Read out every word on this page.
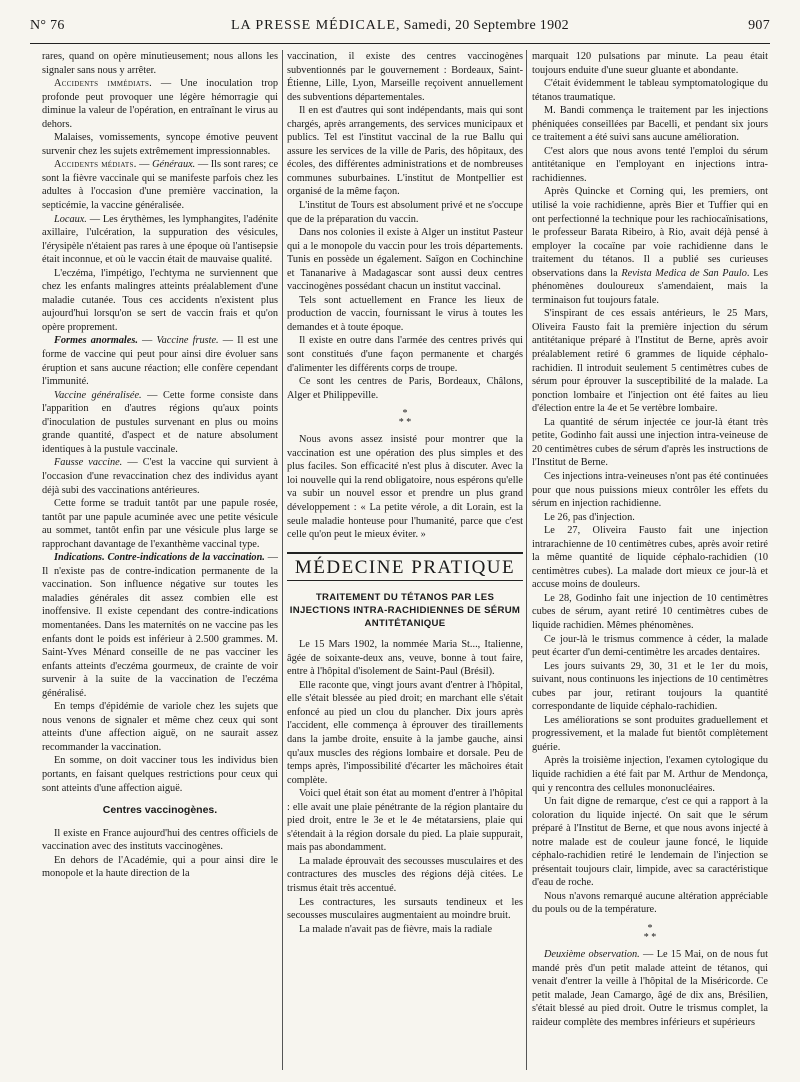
N° 76	LA PRESSE MÉDICALE, Samedi, 20 Septembre 1902	907

rares, quand on opère minutieusement; nous allons les signaler sans nous y arrêter.

Accidents immédiats. — Une inoculation trop profonde peut provoquer une légère hémorragie qui diminue la valeur de l'opération, en entraînant le virus au dehors.

Malaises, vomissements, syncope émotive peuvent survenir chez les sujets extrêmement impressionnables.

Accidents médiats. — Généraux. — Ils sont rares; ce sont la fièvre vaccinale qui se manifeste parfois chez les adultes à l'occasion d'une première vaccination, la septicémie, la vaccine généralisée.

Locaux. — Les érythèmes, les lymphangites, l'adénite axillaire, l'ulcération, la suppuration des vésicules, l'érysipèle n'étaient pas rares à une époque où l'antisepsie était inconnue, et où le vaccin était de mauvaise qualité.

L'eczéma, l'impétigo, l'echtyma ne surviennent que chez les enfants malingres atteints préalablement d'une maladie cutanée. Tous ces accidents n'existent plus aujourd'hui lorsqu'on se sert de vaccin frais et qu'on opère proprement.

Formes anormales. — Vaccine fruste. — Il est une forme de vaccine qui peut pour ainsi dire évoluer sans éruption et sans aucune réaction; elle confère cependant l'immunité.

Vaccine généralisée. — Cette forme consiste dans l'apparition en d'autres régions qu'aux points d'inoculation de pustules survenant en plus ou moins grande quantité, d'aspect et de nature absolument identiques à la pustule vaccinale.

Fausse vaccine. — C'est la vaccine qui survient à l'occasion d'une revaccination chez des individus ayant déjà subi des vaccinations antérieures.

Cette forme se traduit tantôt par une papule rosée, tantôt par une papule acuminée avec une petite vésicule au sommet, tantôt enfin par une vésicule plus large se rapprochant davantage de l'exanthème vaccinal type.

Indications. Contre-indications de la vaccination. — Il n'existe pas de contre-indication permanente de la vaccination. Son influence négative sur toutes les maladies générales dit assez combien elle est inoffensive. Il existe cependant des contre-indications momentanées. Dans les maternités on ne vaccine pas les enfants dont le poids est inférieur à 2.500 grammes. M. Saint-Yves Ménard conseille de ne pas vacciner les enfants atteints d'eczéma gourmeux, de crainte de voir survenir à la suite de la vaccination de l'eczéma généralisé.

En temps d'épidémie de variole chez les sujets que nous venons de signaler et même chez ceux qui sont atteints d'une affection aiguë, on ne saurait assez recommander la vaccination.

En somme, on doit vacciner tous les individus bien portants, en faisant quelques restrictions pour ceux qui sont atteints d'une affection aiguë.

Centres vaccinogènes.

Il existe en France aujourd'hui des centres officiels de vaccination avec des instituts vaccinogènes.

En dehors de l'Académie, qui a pour ainsi dire le monopole et la haute direction de la

vaccination, il existe des centres vaccinogènes subventionnés par le gouvernement : Bordeaux, Saint-Étienne, Lille, Lyon, Marseille reçoivent annuellement des subventions départementales.

Il en est d'autres qui sont indépendants, mais qui sont chargés, après arrangements, des services municipaux et publics. Tel est l'institut vaccinal de la rue Ballu qui assure les services de la ville de Paris, des hôpitaux, des écoles, des différentes administrations et de nombreuses communes suburbaines. L'institut de Montpellier est organisé de la même façon.

L'institut de Tours est absolument privé et ne s'occupe que de la préparation du vaccin.

Dans nos colonies il existe à Alger un institut Pasteur qui a le monopole du vaccin pour les trois départements. Tunis en possède un également. Saïgon en Cochinchine et Tananarive à Madagascar sont aussi deux centres vaccinogènes possédant chacun un institut vaccinal.

Tels sont actuellement en France les lieux de production de vaccin, fournissant le virus à toutes les demandes et à toute époque.

Il existe en outre dans l'armée des centres privés qui sont constitués d'une façon permanente et chargés d'alimenter les différents corps de troupe.

Ce sont les centres de Paris, Bordeaux, Châlons, Alger et Philippeville.

*
* *

Nous avons assez insisté pour montrer que la vaccination est une opération des plus simples et des plus faciles. Son efficacité n'est plus à discuter. Avec la loi nouvelle qui la rend obligatoire, nous espérons qu'elle va subir un nouvel essor et prendre un plus grand développement : « La petite vérole, a dit Lorain, est la seule maladie honteuse pour l'humanité, parce que c'est celle qu'on peut le mieux éviter. »

MÉDECINE PRATIQUE
TRAITEMENT DU TÉTANOS PAR LES INJECTIONS INTRA-RACHIDIENNES DE SÉRUM ANTITÉTANIQUE

Le 15 Mars 1902, la nommée Maria St..., Italienne, âgée de soixante-deux ans, veuve, bonne à tout faire, entre à l'hôpital d'isolement de Saint-Paul (Brésil).

Elle raconte que, vingt jours avant d'entrer à l'hôpital, elle s'était blessée au pied droit; en marchant elle s'était enfoncé au pied un clou du plancher. Dix jours après l'accident, elle commença à éprouver des tiraillements dans la jambe droite, ensuite à la jambe gauche, ainsi qu'aux muscles des régions lombaire et dorsale. Peu de temps après, l'impossibilité d'écarter les mâchoires était complète.

Voici quel était son état au moment d'entrer à l'hôpital : elle avait une plaie pénétrante de la région plantaire du pied droit, entre le 3e et le 4e métatarsiens, plaie qui s'étendait à la région dorsale du pied. La plaie suppurait, mais pas abondamment.

La malade éprouvait des secousses musculaires et des contractures des muscles des régions déjà citées. Le trismus était très accentué.

Les contractures, les sursauts tendineux et les secousses musculaires augmentaient au moindre bruit.

La malade n'avait pas de fièvre, mais la radiale

marquait 120 pulsations par minute. La peau était toujours enduite d'une sueur gluante et abondante.

C'était évidemment le tableau symptomatologique du tétanos traumatique.

M. Bandi commença le traitement par les injections phéniquées conseillées par Bacelli, et pendant six jours ce traitement a été suivi sans aucune amélioration.

C'est alors que nous avons tenté l'emploi du sérum antitétanique en l'employant en injections intra-rachidiennes.

Après Quincke et Corning qui, les premiers, ont utilisé la voie rachidienne, après Bier et Tuffier qui en ont perfectionné la technique pour les rachiocaïnisations, le professeur Barata Ribeiro, à Rio, avait déjà pensé à employer la cocaïne par voie rachidienne dans le traitement du tétanos. Il a publié ses curieuses observations dans la Revista Medica de San Paulo. Les phénomènes douloureux s'amendaient, mais la terminaison fut toujours fatale.

S'inspirant de ces essais antérieurs, le 25 Mars, Oliveira Fausto fait la première injection du sérum antitétanique préparé à l'Institut de Berne, après avoir préalablement retiré 6 grammes de liquide céphalo-rachidien. Il introduit seulement 5 centimètres cubes de sérum pour éprouver la susceptibilité de la malade. La ponction lombaire et l'injection ont été faites au lieu d'élection entre la 4e et 5e vertèbre lombaire.

La quantité de sérum injectée ce jour-là étant très petite, Godinho fait aussi une injection intra-veineuse de 20 centimètres cubes de sérum d'après les instructions de l'Institut de Berne.

Ces injections intra-veineuses n'ont pas été continuées pour que nous puissions mieux contrôler les effets du sérum en injection rachidienne.

Le 26, pas d'injection.

Le 27, Oliveira Fausto fait une injection intrarachienne de 10 centimètres cubes, après avoir retiré la même quantité de liquide céphalo-rachidien (10 centimètres cubes). La malade dort mieux ce jour-là et accuse moins de douleurs.

Le 28, Godinho fait une injection de 10 centimètres cubes de sérum, ayant retiré 10 centimètres cubes de liquide rachidien. Mêmes phénomènes.

Ce jour-là le trismus commence à céder, la malade peut écarter d'un demi-centimètre les arcades dentaires.

Les jours suivants 29, 30, 31 et le 1er du mois, suivant, nous continuons les injections de 10 centimètres cubes par jour, retirant toujours la quantité correspondante de liquide céphalo-rachidien.

Les améliorations se sont produites graduellement et progressivement, et la malade fut bientôt complètement guérie.

Après la troisième injection, l'examen cytologique du liquide rachidien a été fait par M. Arthur de Mendonça, qui y rencontra des cellules mononucléaires.

Un fait digne de remarque, c'est ce qui a rapport à la coloration du liquide injecté. On sait que le sérum préparé à l'Institut de Berne, et que nous avons injecté à notre malade est de couleur jaune foncé, le liquide céphalo-rachidien retiré le lendemain de l'injection se présentait toujours clair, limpide, avec sa caractéristique d'eau de roche.

Nous n'avons remarqué aucune altération appréciable du pouls ou de la température.

*
* *

Deuxième observation. — Le 15 Mai, on de nous fut mandé près d'un petit malade atteint de tétanos, qui venait d'entrer la veille à l'hôpital de la Miséricorde. Ce petit malade, Jean Camargo, âgé de dix ans, Brésilien, s'était blessé au pied droit. Outre le trismus complet, la raideur complète des membres inférieurs et supérieurs
